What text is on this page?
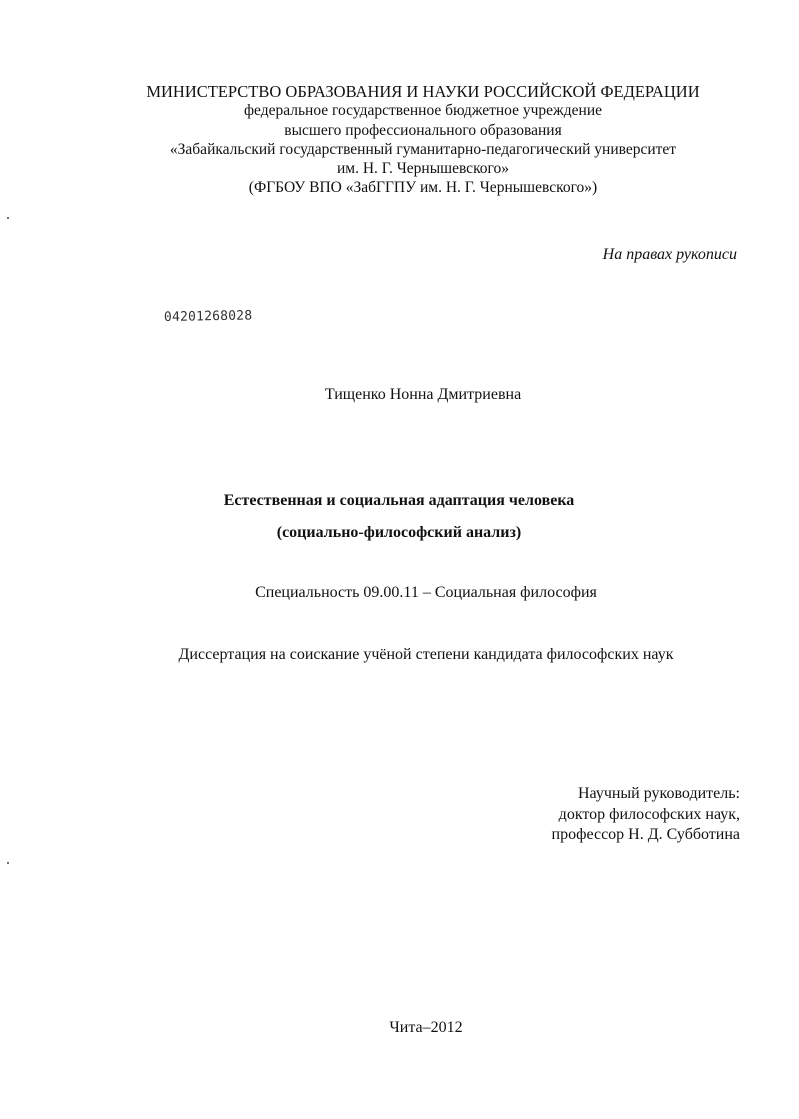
МИНИСТЕРСТВО ОБРАЗОВАНИЯ И НАУКИ РОССИЙСКОЙ ФЕДЕРАЦИИ
федеральное государственное бюджетное учреждение
высшего профессионального образования
«Забайкальский государственный гуманитарно-педагогический университет
им. Н. Г. Чернышевского»
(ФГБОУ ВПО «ЗабГГПУ им. Н. Г. Чернышевского»)
На правах рукописи
04201268028
Тищенко Нонна Дмитриевна
Естественная и социальная адаптация человека
(социально-философский анализ)
Специальность 09.00.11 – Социальная философия
Диссертация на соискание учёной степени кандидата философских наук
Научный руководитель:
доктор философских наук,
профессор Н. Д. Субботина
Чита–2012
